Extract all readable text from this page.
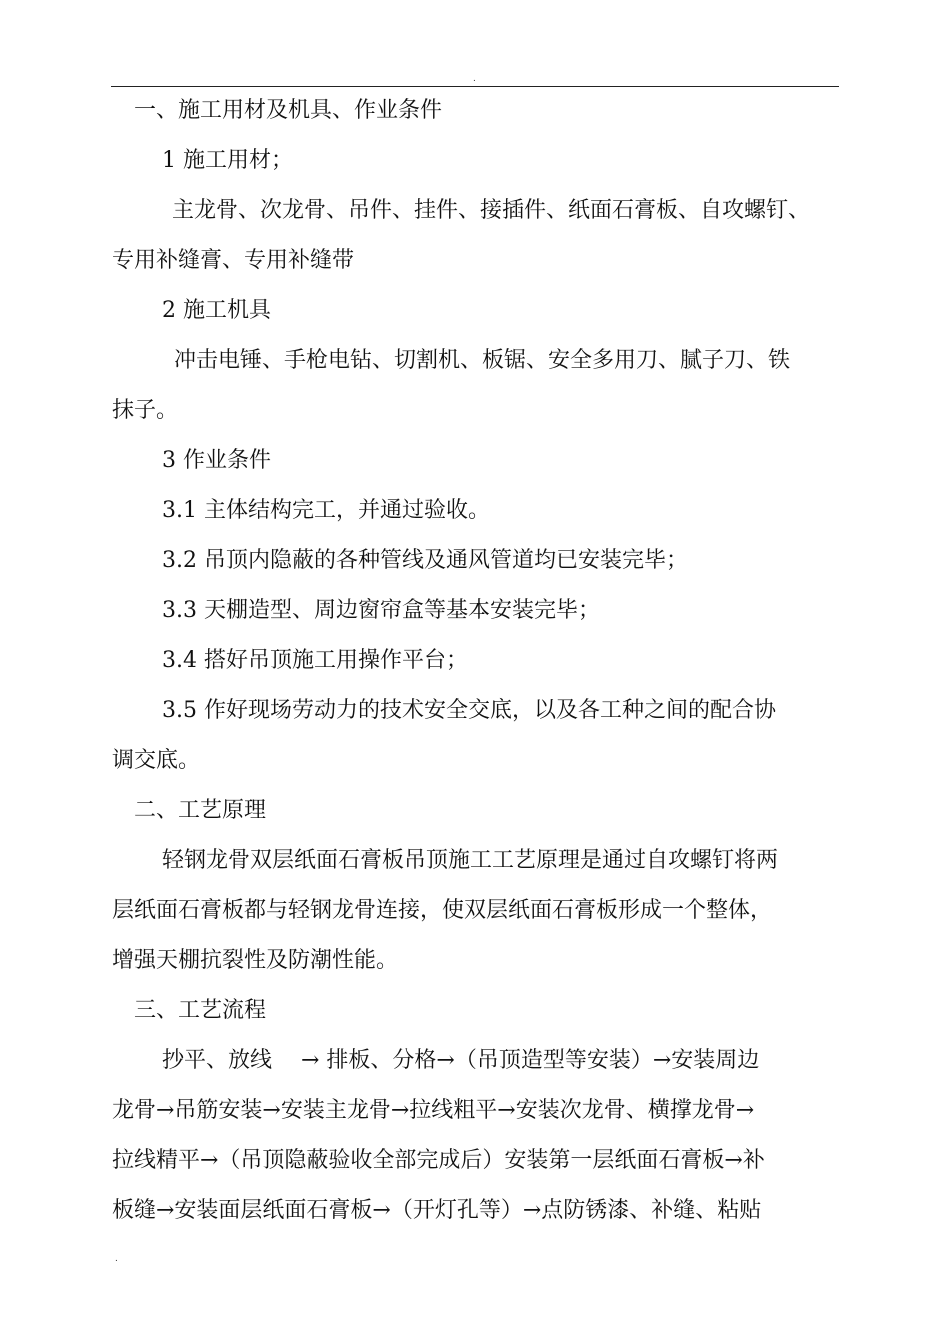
.

一、施工用材及机具、作业条件

1 施工用材；

主龙骨、次龙骨、吊件、挂件、接插件、纸面石膏板、自攻螺钉、

专用补缝膏、专用补缝带

2 施工机具

冲击电锤、手枪电钻、切割机、板锯、安全多用刀、腻子刀、铁

抹子。

3 作业条件

3.1 主体结构完工，并通过验收。

3.2 吊顶内隐蔽的各种管线及通风管道均已安装完毕；

3.3 天棚造型、周边窗帘盒等基本安装完毕；

3.4 搭好吊顶施工用操作平台；

3.5 作好现场劳动力的技术安全交底，以及各工种之间的配合协

调交底。

二、工艺原理

轻钢龙骨双层纸面石膏板吊顶施工工艺原理是通过自攻螺钉将两

层纸面石膏板都与轻钢龙骨连接，使双层纸面石膏板形成一个整体，

增强天棚抗裂性及防潮性能。

三、工艺流程

抄平、放线　 → 排板、分格→（吊顶造型等安装）→安装周边

龙骨→吊筋安装→安装主龙骨→拉线粗平→安装次龙骨、横撑龙骨→

拉线精平→（吊顶隐蔽验收全部完成后）安装第一层纸面石膏板→补

板缝→安装面层纸面石膏板→（开灯孔等）→点防锈漆、补缝、粘贴

.
